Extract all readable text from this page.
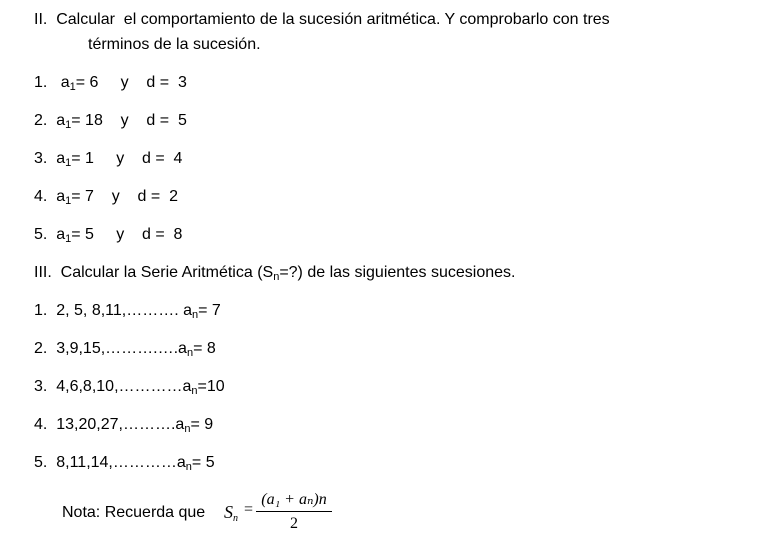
II.  Calcular  el comportamiento de la sucesión aritmética. Y comprobarlo con tres
términos de la sucesión.
1. $a_1= 6$ y d =  3
2. $a_1= 18$ y d =  5
3. $a_1= 1$ y d =  4
4. $a_1= 7$ y d =  2
5. $a_1= 5$ y d =  8
III.  Calcular la Serie Aritmética $(S_n=?)$ de las siguientes sucesiones.
1. 2, 5, 8,11,………. $a_n= 7$
2. $3,9,15,\dots\dots\dots.\dots.a_n= 8$
3. $4,6,8,10,\dots\dots\dots\dots a_n=10$
4. $13,20,27,\dots\dots\dots.a_n= 9$
5. $8,11,14,\dots\dots\dots\dots a_n= 5$
Nota: Recuerda que $S_n$
=
(a₁ + aₙ)n
2
